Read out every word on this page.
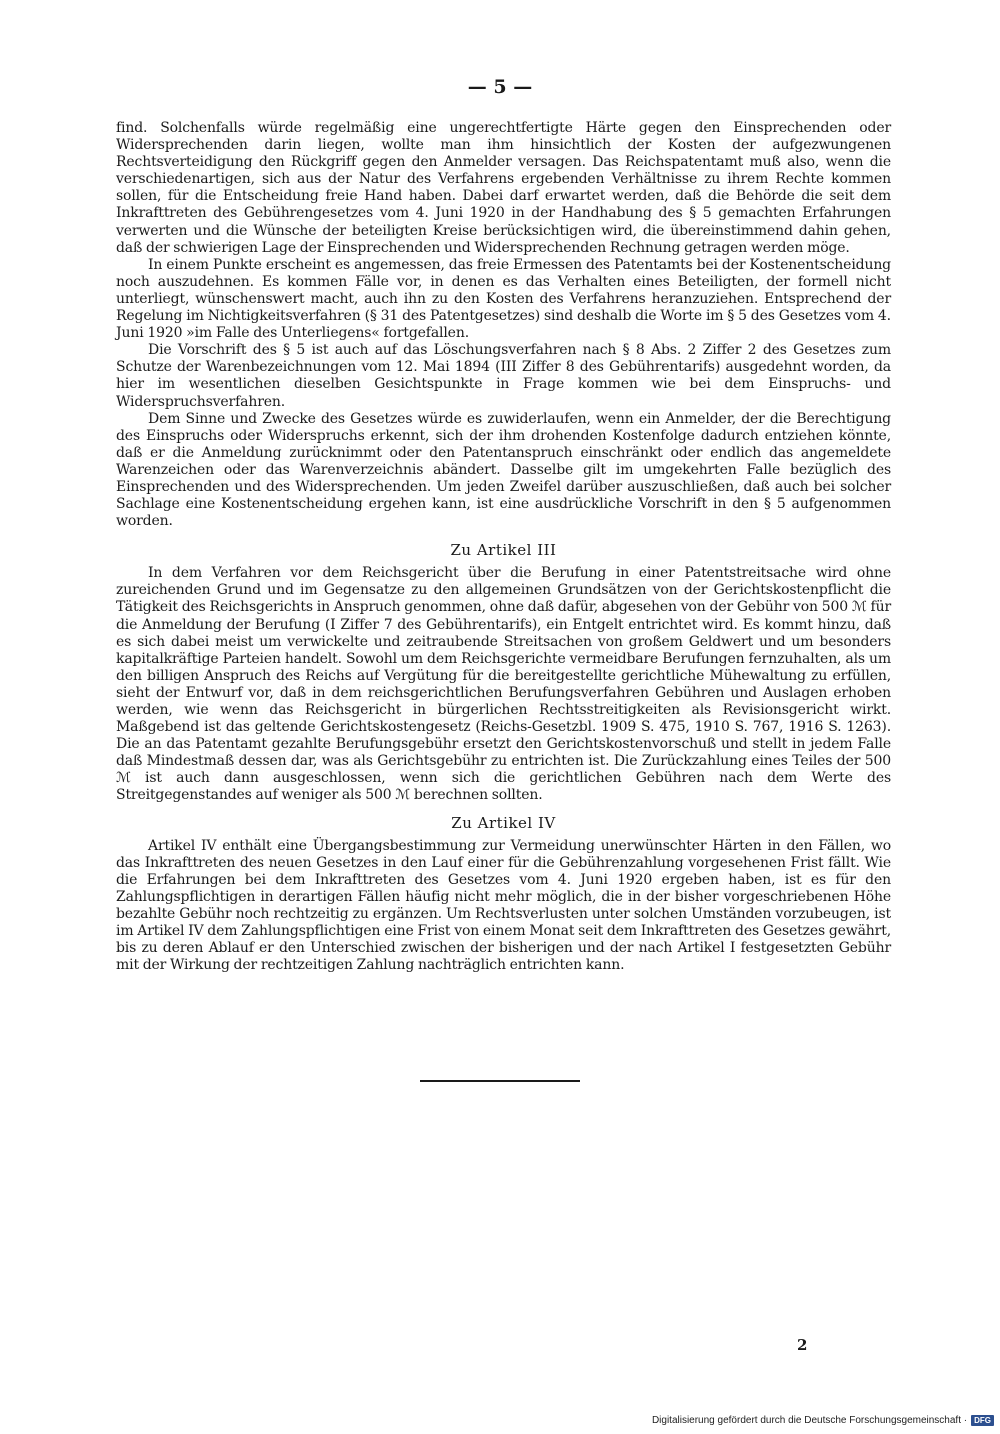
— 5 —

find. Solchenfalls würde regelmäßig eine ungerechtfertigte Härte gegen den Einsprechenden oder Widersprechenden darin liegen, wollte man ihm hinsichtlich der Kosten der aufgezwungenen Rechtsverteidigung den Rückgriff gegen den Anmelder versagen. Das Reichspatentamt muß also, wenn die verschiedenartigen, sich aus der Natur des Verfahrens ergebenden Verhältnisse zu ihrem Rechte kommen sollen, für die Entscheidung freie Hand haben. Dabei darf erwartet werden, daß die Behörde die seit dem Inkrafttreten des Gebührengesetzes vom 4. Juni 1920 in der Handhabung des § 5 gemachten Erfahrungen verwerten und die Wünsche der beteiligten Kreise berücksichtigen wird, die übereinstimmend dahin gehen, daß der schwierigen Lage der Einsprechenden und Widersprechenden Rechnung getragen werden möge.

In einem Punkte erscheint es angemessen, das freie Ermessen des Patentamts bei der Kostenentscheidung noch auszudehnen. Es kommen Fälle vor, in denen es das Verhalten eines Beteiligten, der formell nicht unterliegt, wünschenswert macht, auch ihn zu den Kosten des Verfahrens heranzuziehen. Entsprechend der Regelung im Nichtigkeitsverfahren (§ 31 des Patentgesetzes) sind deshalb die Worte im § 5 des Gesetzes vom 4. Juni 1920 »im Falle des Unterliegens« fortgefallen.

Die Vorschrift des § 5 ist auch auf das Löschungsverfahren nach § 8 Abs. 2 Ziffer 2 des Gesetzes zum Schutze der Warenbezeichnungen vom 12. Mai 1894 (III Ziffer 8 des Gebührentarifs) ausgedehnt worden, da hier im wesentlichen dieselben Gesichtspunkte in Frage kommen wie bei dem Einspruchs- und Widerspruchsverfahren.

Dem Sinne und Zwecke des Gesetzes würde es zuwiderlaufen, wenn ein Anmelder, der die Berechtigung des Einspruchs oder Widerspruchs erkennt, sich der ihm drohenden Kostenfolge dadurch entziehen könnte, daß er die Anmeldung zurücknimmt oder den Patentanspruch einschränkt oder endlich das angemeldete Warenzeichen oder das Warenverzeichnis abändert. Dasselbe gilt im umgekehrten Falle bezüglich des Einsprechenden und des Widersprechenden. Um jeden Zweifel darüber auszuschließen, daß auch bei solcher Sachlage eine Kostenentscheidung ergehen kann, ist eine ausdrückliche Vorschrift in den § 5 aufgenommen worden.

Zu Artikel III

In dem Verfahren vor dem Reichsgericht über die Berufung in einer Patentstreitsache wird ohne zureichenden Grund und im Gegensatze zu den allgemeinen Grundsätzen von der Gerichtskostenpflicht die Tätigkeit des Reichsgerichts in Anspruch genommen, ohne daß dafür, abgesehen von der Gebühr von 500 ℳ für die Anmeldung der Berufung (I Ziffer 7 des Gebührentarifs), ein Entgelt entrichtet wird. Es kommt hinzu, daß es sich dabei meist um verwickelte und zeitraubende Streitsachen von großem Geldwert und um besonders kapitalkräftige Parteien handelt. Sowohl um dem Reichsgerichte vermeidbare Berufungen fernzuhalten, als um den billigen Anspruch des Reichs auf Vergütung für die bereitgestellte gerichtliche Mühewaltung zu erfüllen, sieht der Entwurf vor, daß in dem reichsgerichtlichen Berufungsverfahren Gebühren und Auslagen erhoben werden, wie wenn das Reichsgericht in bürgerlichen Rechtsstreitigkeiten als Revisionsgericht wirkt. Maßgebend ist das geltende Gerichtskostengesetz (Reichs-Gesetzbl. 1909 S. 475, 1910 S. 767, 1916 S. 1263). Die an das Patentamt gezahlte Berufungsgebühr ersetzt den Gerichtskostenvorschuß und stellt in jedem Falle daß Mindestmaß dessen dar, was als Gerichtsgebühr zu entrichten ist. Die Zurückzahlung eines Teiles der 500 ℳ ist auch dann ausgeschlossen, wenn sich die gerichtlichen Gebühren nach dem Werte des Streitgegenstandes auf weniger als 500 ℳ berechnen sollten.

Zu Artikel IV

Artikel IV enthält eine Übergangsbestimmung zur Vermeidung unerwünschter Härten in den Fällen, wo das Inkrafttreten des neuen Gesetzes in den Lauf einer für die Gebührenzahlung vorgesehenen Frist fällt. Wie die Erfahrungen bei dem Inkrafttreten des Gesetzes vom 4. Juni 1920 ergeben haben, ist es für den Zahlungspflichtigen in derartigen Fällen häufig nicht mehr möglich, die in der bisher vorgeschriebenen Höhe bezahlte Gebühr noch rechtzeitig zu ergänzen. Um Rechtsverlusten unter solchen Umständen vorzubeugen, ist im Artikel IV dem Zahlungspflichtigen eine Frist von einem Monat seit dem Inkrafttreten des Gesetzes gewährt, bis zu deren Ablauf er den Unterschied zwischen der bisherigen und der nach Artikel I festgesetzten Gebühr mit der Wirkung der rechtzeitigen Zahlung nachträglich entrichten kann.

2
Digitalisierung gefördert durch die Deutsche Forschungsgemeinschaft · DFG
